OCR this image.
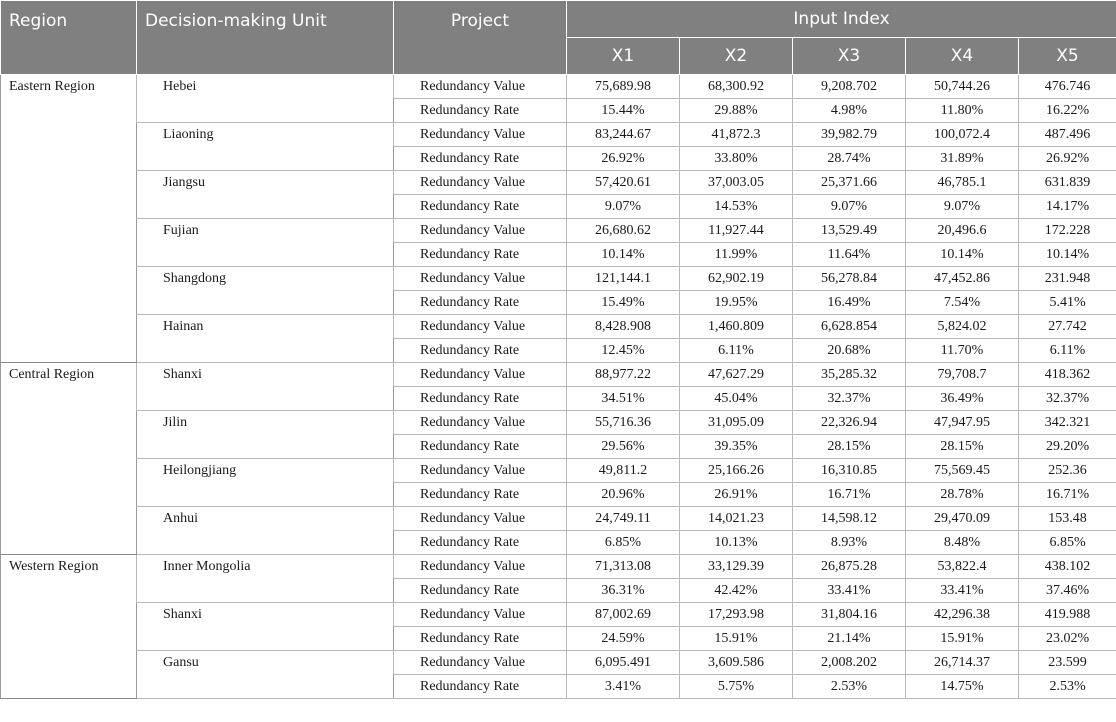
Region	Decision-making Unit	Project	Input Index				
			X1	X2	X3	X4	X5
Eastern Region	Hebei	Redundancy Value	75,689.98	68,300.92	9,208.702	50,744.26	476.746
		Redundancy Rate	15.44%	29.88%	4.98%	11.80%	16.22%
	Liaoning	Redundancy Value	83,244.67	41,872.3	39,982.79	100,072.4	487.496
		Redundancy Rate	26.92%	33.80%	28.74%	31.89%	26.92%
	Jiangsu	Redundancy Value	57,420.61	37,003.05	25,371.66	46,785.1	631.839
		Redundancy Rate	9.07%	14.53%	9.07%	9.07%	14.17%
	Fujian	Redundancy Value	26,680.62	11,927.44	13,529.49	20,496.6	172.228
		Redundancy Rate	10.14%	11.99%	11.64%	10.14%	10.14%
	Shangdong	Redundancy Value	121,144.1	62,902.19	56,278.84	47,452.86	231.948
		Redundancy Rate	15.49%	19.95%	16.49%	7.54%	5.41%
	Hainan	Redundancy Value	8,428.908	1,460.809	6,628.854	5,824.02	27.742
		Redundancy Rate	12.45%	6.11%	20.68%	11.70%	6.11%
Central Region	Shanxi	Redundancy Value	88,977.22	47,627.29	35,285.32	79,708.7	418.362
		Redundancy Rate	34.51%	45.04%	32.37%	36.49%	32.37%
	Jilin	Redundancy Value	55,716.36	31,095.09	22,326.94	47,947.95	342.321
		Redundancy Rate	29.56%	39.35%	28.15%	28.15%	29.20%
	Heilongjiang	Redundancy Value	49,811.2	25,166.26	16,310.85	75,569.45	252.36
		Redundancy Rate	20.96%	26.91%	16.71%	28.78%	16.71%
	Anhui	Redundancy Value	24,749.11	14,021.23	14,598.12	29,470.09	153.48
		Redundancy Rate	6.85%	10.13%	8.93%	8.48%	6.85%
Western Region	Inner Mongolia	Redundancy Value	71,313.08	33,129.39	26,875.28	53,822.4	438.102
		Redundancy Rate	36.31%	42.42%	33.41%	33.41%	37.46%
	Shanxi	Redundancy Value	87,002.69	17,293.98	31,804.16	42,296.38	419.988
		Redundancy Rate	24.59%	15.91%	21.14%	15.91%	23.02%
	Gansu	Redundancy Value	6,095.491	3,609.586	2,008.202	26,714.37	23.599
		Redundancy Rate	3.41%	5.75%	2.53%	14.75%	2.53%
